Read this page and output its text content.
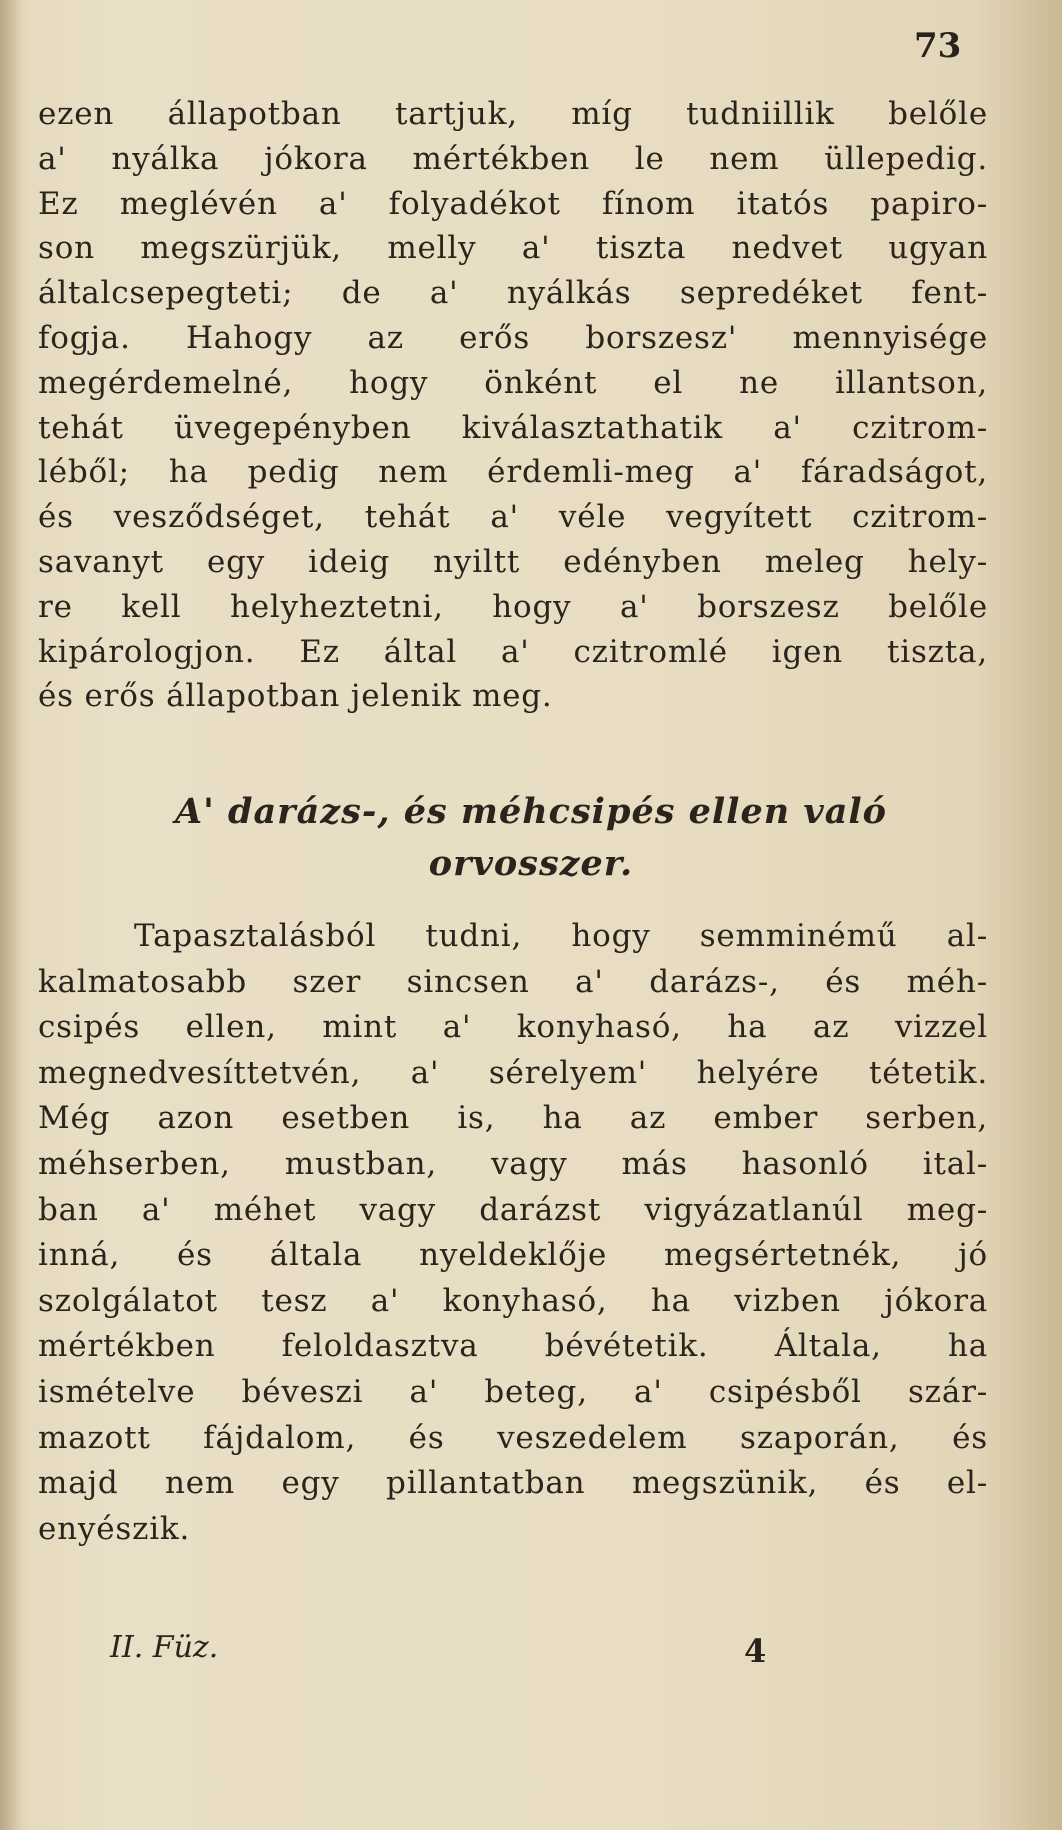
73
ezen állapotban tartjuk, míg tudniillik belőle
a' nyálka jókora mértékben le nem üllepedig.
Ez meglévén a' folyadékot fínom itatós papiro-
son megszürjük, melly a' tiszta nedvet ugyan
általcsepegteti; de a' nyálkás sepredéket fent-
fogja. Hahogy az erős borszesz' mennyisége
megérdemelné, hogy önként el ne illantson,
tehát üvegepényben kiválasztathatik a' czitrom-
léből; ha pedig nem érdemli-meg a' fáradságot,
és vesződséget, tehát a' véle vegyített czitrom-
savanyt egy ideig nyiltt edényben meleg hely-
re kell helyheztetni, hogy a' borszesz belőle
kipárologjon. Ez által a' czitromlé igen tiszta,
és erős állapotban jelenik meg.
A' darázs-, és méhcsipés ellen való
orvosszer.
Tapasztalásból tudni, hogy semminémű al-
kalmatosabb szer sincsen a' darázs-, és méh-
csipés ellen, mint a' konyhasó, ha az vizzel
megnedvesíttetvén, a' sérelyem' helyére tétetik.
Még azon esetben is, ha az ember serben,
méhserben, mustban, vagy más hasonló ital-
ban a' méhet vagy darázst vigyázatlanúl meg-
inná, és általa nyeldeklője megsértetnék, jó
szolgálatot tesz a' konyhasó, ha vizben jókora
mértékben feloldasztva bévétetik. Általa, ha
ismételve béveszi a' beteg, a' csipésből szár-
mazott fájdalom, és veszedelem szaporán, és
majd nem egy pillantatban megszünik, és el-
enyészik.
II. Füz.	4
